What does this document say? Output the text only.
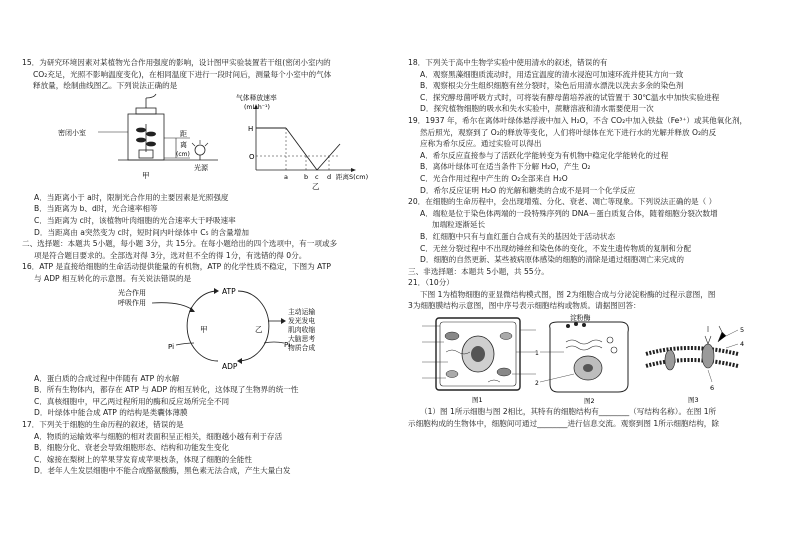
15．为研究环境因素对某植物光合作用强度的影响，设计图甲实验装置若干组(密闭小室内的

CO₂充足，光照不影响温度变化)，在相同温度下进行一段时间后，测量每个小室中的气体

释放量，绘制曲线图乙。下列说法正确的是

密闭小室	距
离
(cm)
光源
甲
气体释放速率
(mL·h⁻¹)
H
O
a b c d 距离S(cm)
乙

A．当距离小于 a时，限制光合作用的主要因素是光照强度

B．当距离为 b、d时，光合速率相等

C．当距离为 c时，该植物叶肉细胞的光合速率大于呼吸速率

D．当距离由 a突然变为 c时，短时间内叶绿体中 C₅ 的含量增加

二、选择题：本题共 5小题，每小题 3分，共 15分。在每小题给出的四个选项中，有一项或多

项是符合题目要求的。全部选对得 3分，选对但不全的得 1分，有选错的得 0分。

16．ATP 是直接给细胞的生命活动提供能量的有机物，ATP 的化学性质不稳定，下图为 ATP

与 ADP 相互转化的示意图。有关说法错误的是

光合作用
呼吸作用
ATP
ADP
甲	乙
Pi	Pi
主动运输
发光发电
肌肉收缩
大脑思考
物质合成

A．蛋白质的合成过程中伴随有 ATP 的水解

B．所有生物体内，都存在 ATP 与 ADP 的相互转化，这体现了生物界的统一性

C．真核细胞中，甲乙两过程所用的酶和反应场所完全不同

D．叶绿体中能合成 ATP 的结构是类囊体薄膜

17．下列关于细胞的生命历程的叙述，错误的是

A．物质的运输效率与细胞的相对表面积呈正相关，细胞越小越有利于存活

B．细胞分化、衰老会导致细胞形态、结构和功能发生变化

C．嫁接在梨树上的苹果芽发育成苹果枝条，体现了细胞的全能性

D．老年人生发层细胞中不能合成酪氨酸酶，黑色素无法合成，产生大量白发

18．下列关于高中生物学实验中使用清水的叙述，错误的有

A．观察黑藻细胞质流动时，用适宜温度的清水浸泡可加速环流并使其方向一致

B．观察根尖分生组织细胞有丝分裂时，染色后用清水漂洗以洗去多余的染色剂

C．探究酵母菌呼吸方式时，可将装有酵母菌培养液的试管置于 30℃温水中加快实验进程

D．探究植物细胞的吸水和失水实验中，蔗糖溶液和清水需要使用一次

19．1937 年，希尔在离体叶绿体悬浮液中加入 H₂O，不含 CO₂中加入铁盐（Fe³⁺）或其他氧化剂，

然后照光，观察到了 O₂的释放等变化，人们将叶绿体在光下进行水的光解并释放 O₂的反

应称为希尔反应。通过实验可以得出

A．希尔反应直接参与了活跃化学能转变为有机物中稳定化学能转化的过程

B．离体叶绿体可在适当条件下分解 H₂O，产生 O₂

C．光合作用过程中产生的 O₂全部来自 H₂O

D．希尔反应证明 H₂O 的光解和糖类的合成不是同一个化学反应

20．在细胞的生命历程中，会出现增殖、分化、衰老、凋亡等现象。下列说法正确的是（ ）

A．端粒是位于染色体两端的一段特殊序列的 DNA－蛋白质复合体，随着细胞分裂次数增

加端粒逐渐延长

B．红细胞中只有与血红蛋白合成有关的基因处于活动状态

C．无丝分裂过程中不出现纺锤丝和染色体的变化，不发生遗传物质的复制和分配

D．细胞的自然更新、某些被病原体感染的细胞的清除是通过细胞凋亡来完成的

三、非选择题：本题共 5小题，共 55分。

21．（10分）

下图 1为植物细胞的亚显微结构模式图，图 2为细胞合成与分泌淀粉酶的过程示意图，图

3为细胞膜结构示意图，图中序号表示细胞结构或物质。请据图回答：

图1
淀粉酶
1
2
图2
5
4
6
图3

（1）图 1所示细胞与图 2相比，其特有的细胞结构有________（写结构名称）。在图 1所

示细胞构成的生物体中，细胞间可通过________进行信息交流。观察到图 1所示细胞结构，除
